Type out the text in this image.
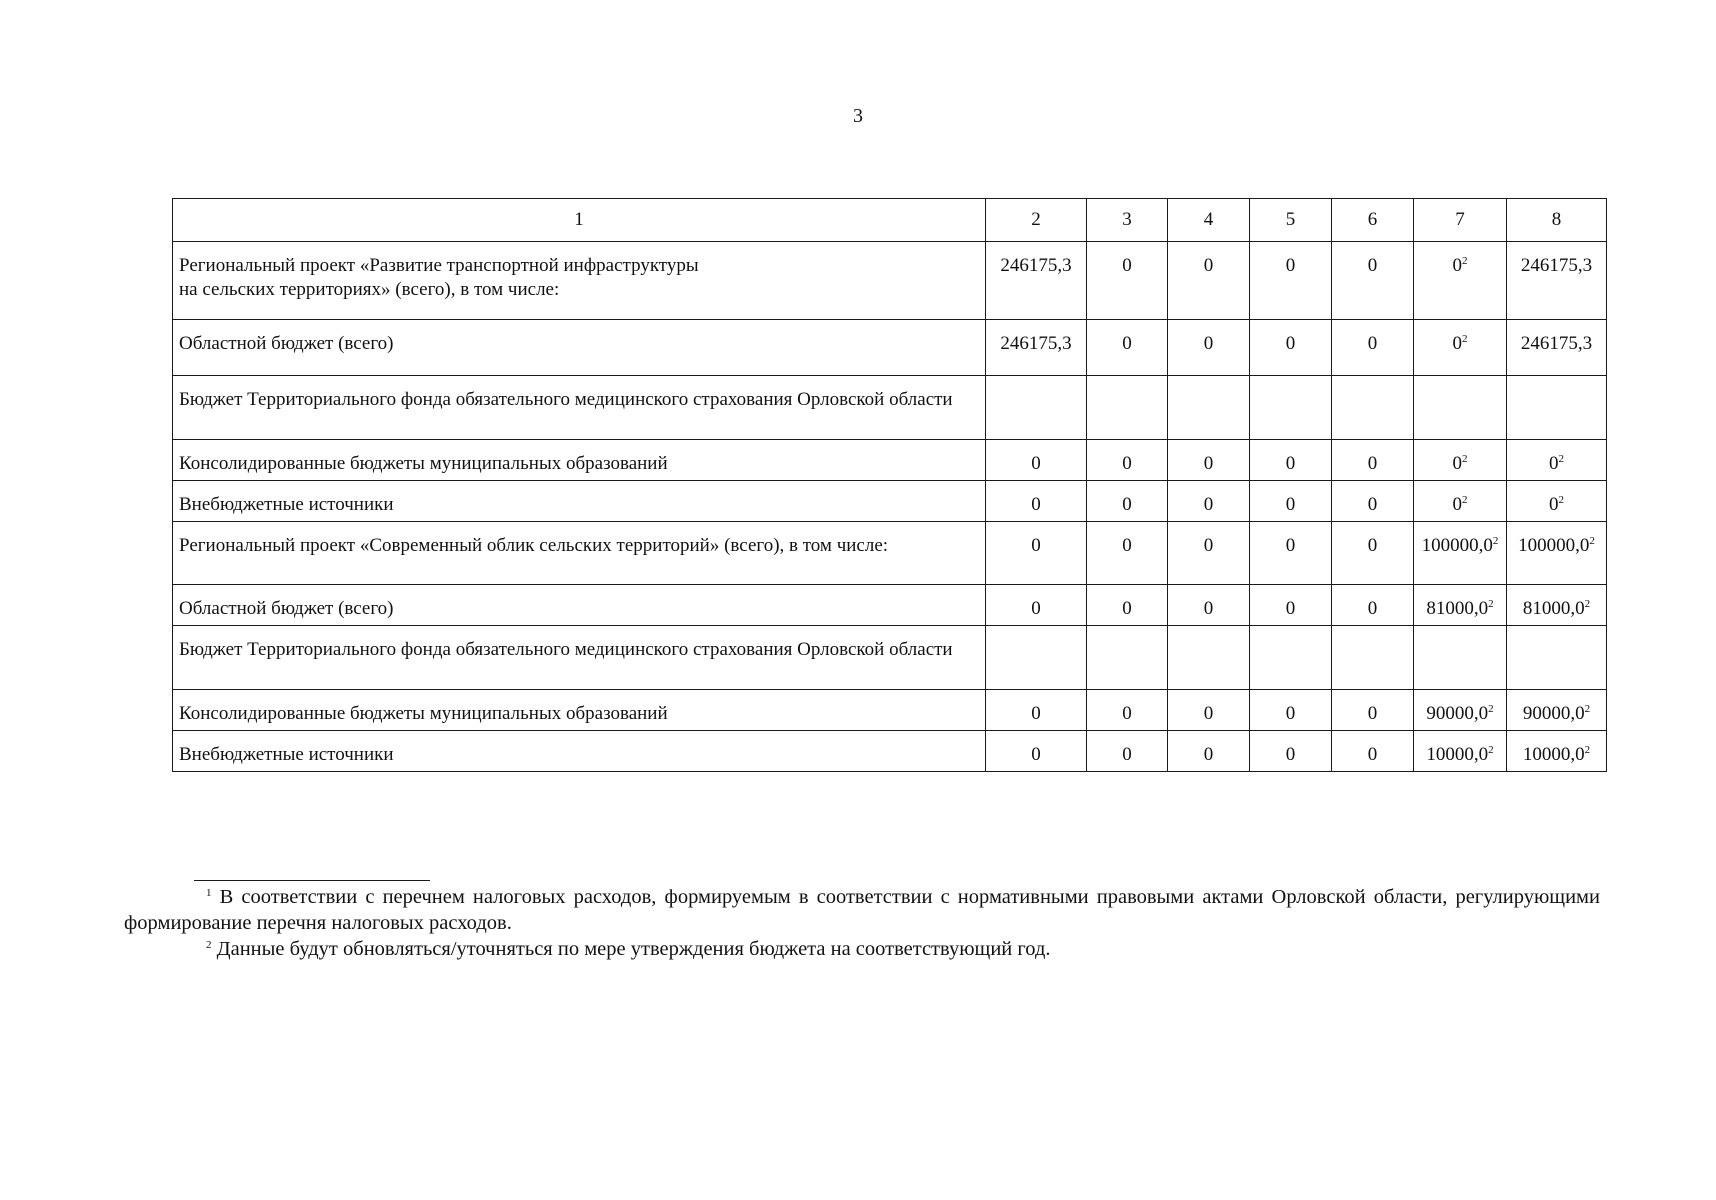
3
1	2	3	4	5	6	7	8
Региональный проект «Развитие транспортной инфраструктуры
на сельских территориях» (всего), в том числе:	246175,3	0	0	0	0	$0^2$	246175,3
Областной бюджет (всего)	246175,3	0	0	0	0	$0^2$	246175,3
Бюджет Территориального фонда обязательного медицинского страхования Орловской области							
Консолидированные бюджеты муниципальных образований	0	0	0	0	0	$0^2$	$0^2$
Внебюджетные источники	0	0	0	0	0	$0^2$	$0^2$
Региональный проект «Современный облик сельских территорий» (всего), в том числе:	0	0	0	0	0	100000,0$^2$	100000,0$^2$
Областной бюджет (всего)	0	0	0	0	0	81000,0$^2$	81000,0$^2$
Бюджет Территориального фонда обязательного медицинского страхования Орловской области							
Консолидированные бюджеты муниципальных образований	0	0	0	0	0	90000,0$^2$	90000,0$^2$
Внебюджетные источники	0	0	0	0	0	10000,0$^2$	10000,0$^2$

$^1$ В соответствии с перечнем налоговых расходов, формируемым в соответствии с нормативными правовыми актами Орловской области, регулирующими формирование перечня налоговых расходов.

$^2$ Данные будут обновляться/уточняться по мере утверждения бюджета на соответствующий год.
